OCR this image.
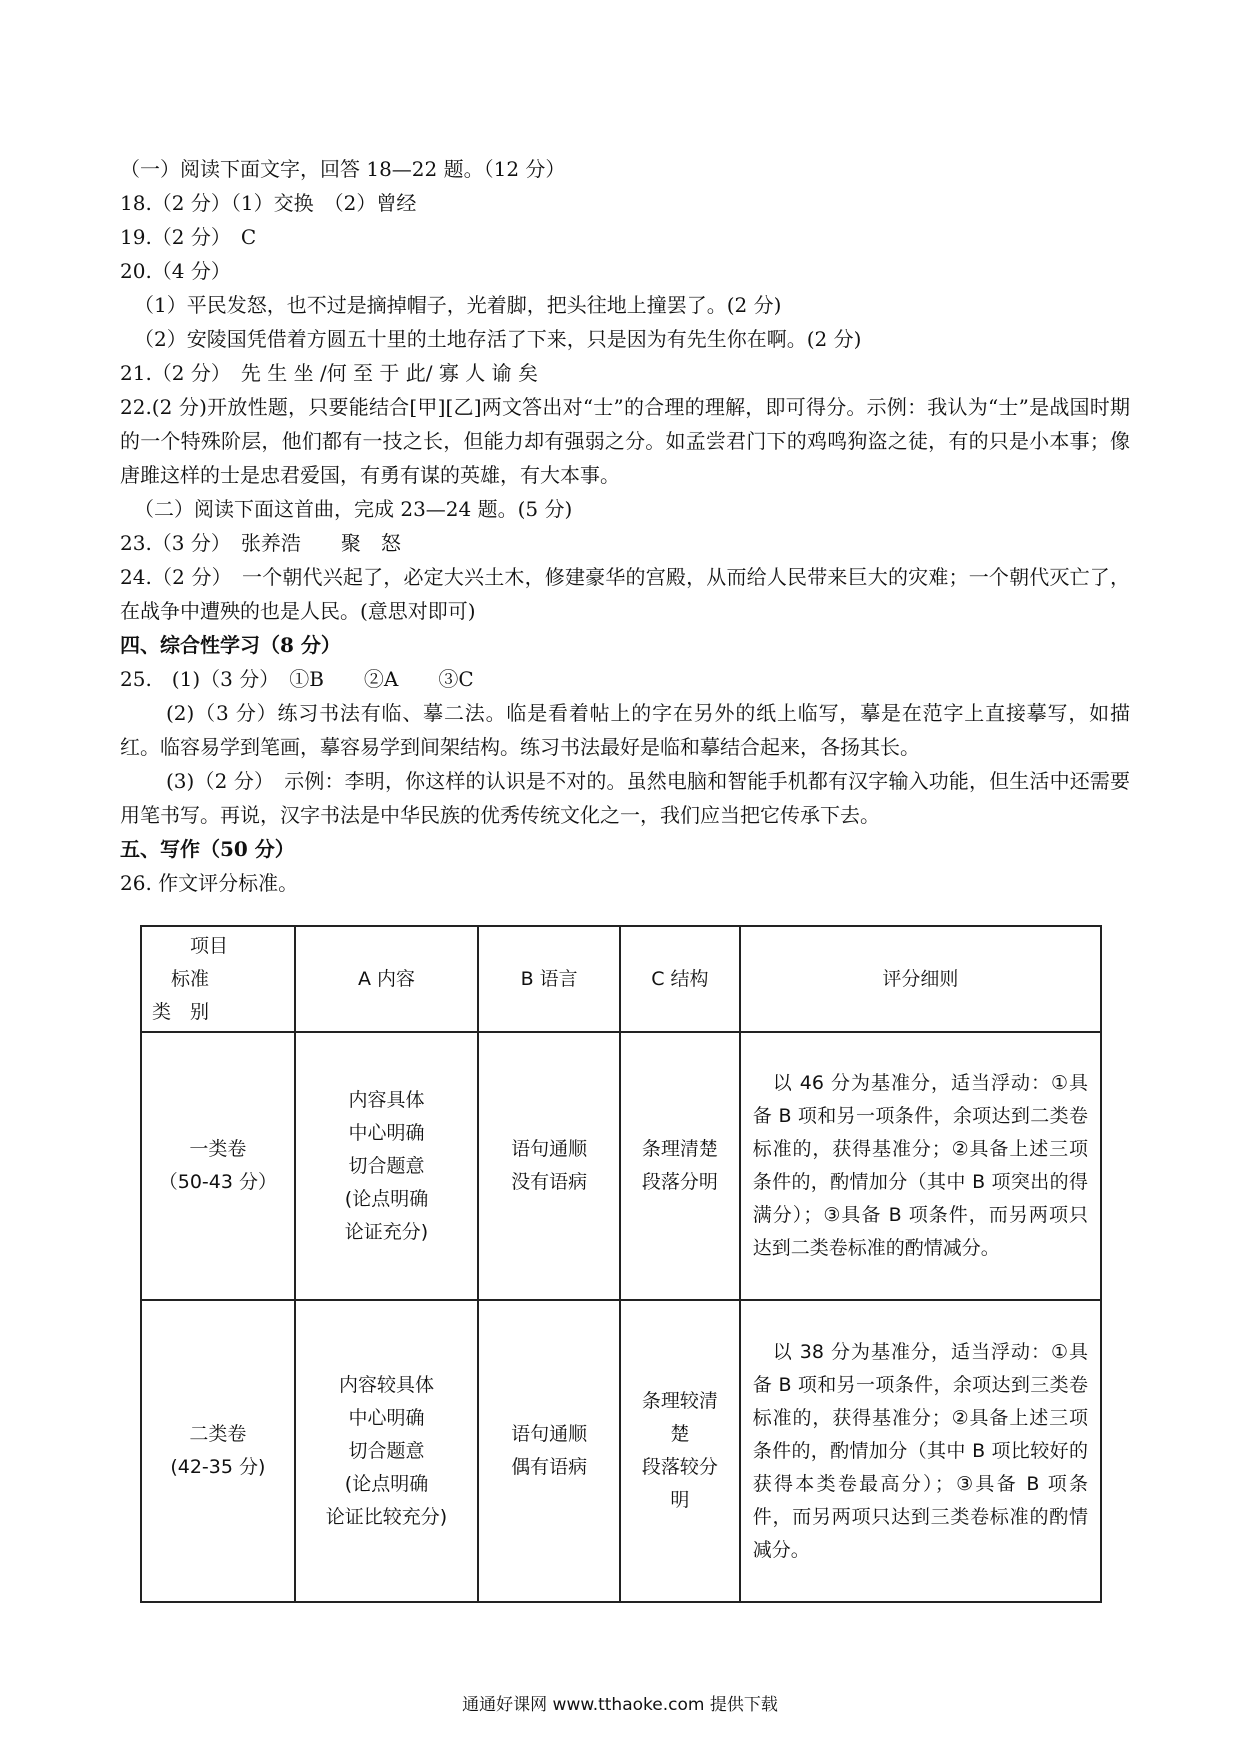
（一）阅读下面文字，回答 18—22 题。（12 分）

18.（2 分）（1）交换　（2）曾经

19.（2 分）　C

20.（4 分）

（1）平民发怒，也不过是摘掉帽子，光着脚，把头往地上撞罢了。(2 分)

（2）安陵国凭借着方圆五十里的土地存活了下来，只是因为有先生你在啊。(2 分)

21.（2 分）　先 生 坐 /何 至 于 此/ 寡 人 谕 矣

22.(2 分)开放性题，只要能结合[甲][乙]两文答出对“士”的合理的理解，即可得分。示例：我认为“士”是战国时期的一个特殊阶层，他们都有一技之长，但能力却有强弱之分。如孟尝君门下的鸡鸣狗盗之徒，有的只是小本事；像唐雎这样的士是忠君爱国，有勇有谋的英雄，有大本事。

（二）阅读下面这首曲，完成 23—24 题。(5 分)

23.（3 分）　张养浩　　聚　怒

24.（2 分）　一个朝代兴起了，必定大兴土木，修建豪华的宫殿，从而给人民带来巨大的灾难；一个朝代灭亡了，在战争中遭殃的也是人民。(意思对即可)

四、综合性学习（8 分）

25.　(1)（3 分）　①B　　②A　　③C

(2)（3 分）练习书法有临、摹二法。临是看着帖上的字在另外的纸上临写，摹是在范字上直接摹写，如描红。临容易学到笔画，摹容易学到间架结构。练习书法最好是临和摹结合起来，各扬其长。

(3)（2 分）　示例：李明，你这样的认识是不对的。虽然电脑和智能手机都有汉字输入功能，但生活中还需要用笔书写。再说，汉字书法是中华民族的优秀传统文化之一，我们应当把它传承下去。

五、写作（50 分）

26. 作文评分标准。

　　项目
　标准
类　别	A 内容	B 语言	C 结构	评分细则

一类卷
（50-43 分）	内容具体
中心明确
切合题意
(论点明确
论证充分)	语句通顺
没有语病	条理清楚
段落分明	　以 46 分为基准分，适当浮动：①具备 B 项和另一项条件，余项达到二类卷标准的，获得基准分；②具备上述三项条件的，酌情加分（其中 B 项突出的得满分）；③具备 B 项条件，而另两项只达到二类卷标准的酌情减分。

二类卷
(42-35 分)	内容较具体
中心明确
切合题意
(论点明确
论证比较充分)	语句通顺
偶有语病	条理较清
楚
段落较分
明	　以 38 分为基准分，适当浮动：①具备 B 项和另一项条件，余项达到三类卷标准的，获得基准分；②具备上述三项条件的，酌情加分（其中 B 项比较好的获得本类卷最高分）；③具备 B 项条件，而另两项只达到三类卷标准的酌情减分。
通通好课网 www.tthaoke.com 提供下载
